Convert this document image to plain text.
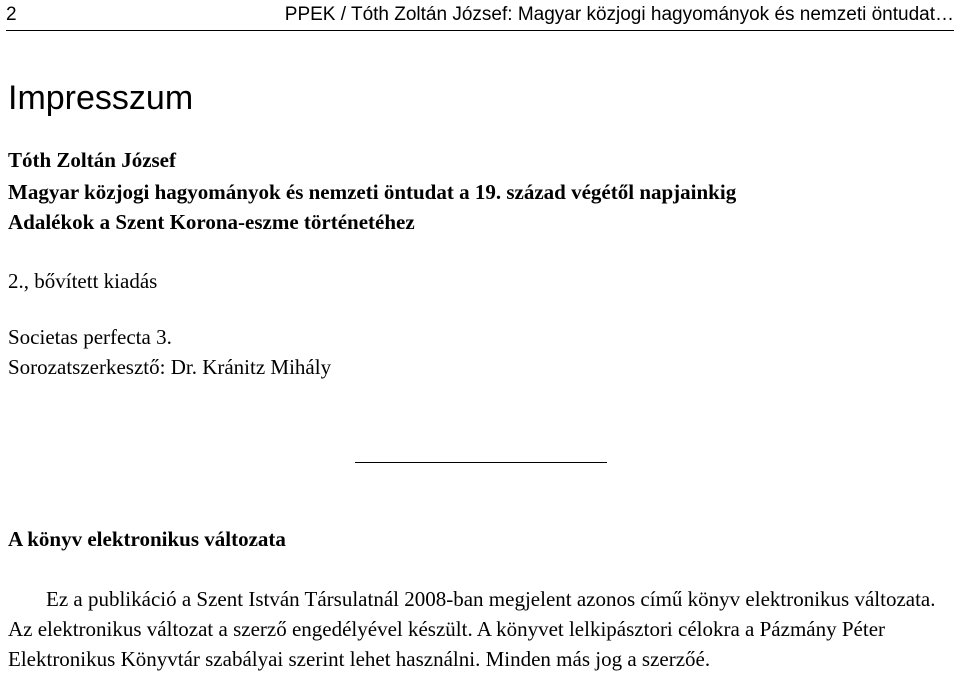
2	PPEK / Tóth Zoltán József: Magyar közjogi hagyományok és nemzeti öntudat…
Impresszum
Tóth Zoltán József
Magyar közjogi hagyományok és nemzeti öntudat a 19. század végétől napjainkig
Adalékok a Szent Korona-eszme történetéhez
2., bővített kiadás
Societas perfecta 3.
Sorozatszerkesztő: Dr. Kránitz Mihály
A könyv elektronikus változata
Ez a publikáció a Szent István Társulatnál 2008-ban megjelent azonos című könyv elektronikus változata. Az elektronikus változat a szerző engedélyével készült. A könyvet lelkipásztori célokra a Pázmány Péter Elektronikus Könyvtár szabályai szerint lehet használni. Minden más jog a szerzőé.
